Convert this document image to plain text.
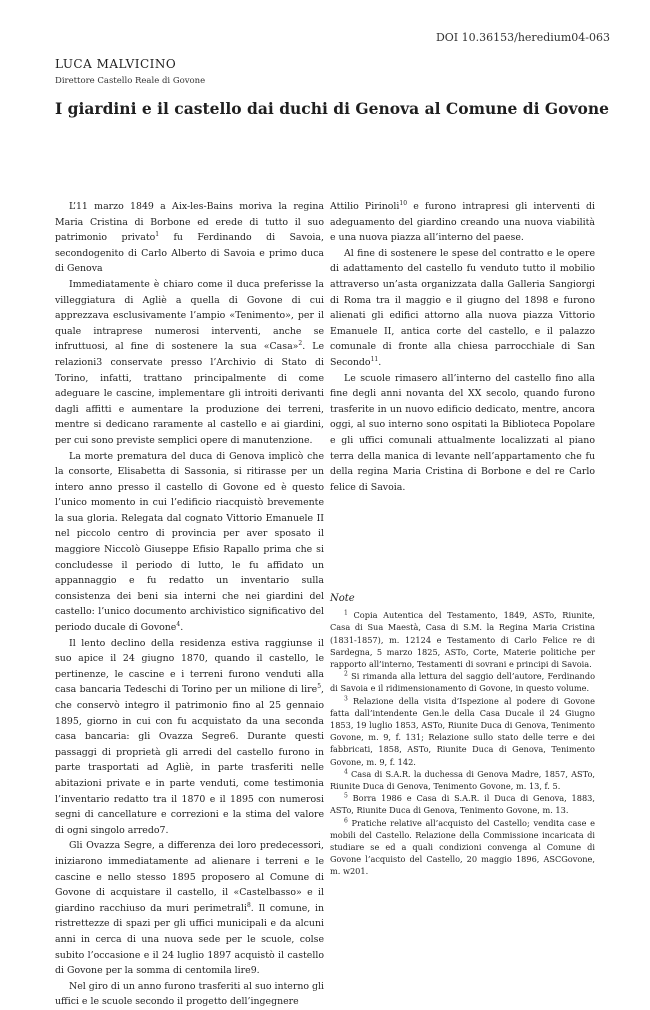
DOI 10.36153/heredium04-063
LUCA MALVICINO
Direttore Castello Reale di Govone
I giardini e il castello dai duchi di Genova al Comune di Govone

L’11 marzo 1849 a Aix-les-Bains moriva la regina Maria Cristina di Borbone ed erede di tutto il suo patrimonio privato$^1$ fu Ferdinando di Savoia, secondogenito di Carlo Alberto di Savoia e primo duca di Genova

Immediatamente è chiaro come il duca preferisse la villeggiatura di Agliè a quella di Govone di cui apprezzava esclusivamente l’ampio «Tenimento», per il quale intraprese numerosi interventi, anche se infruttuosi, al fine di sostenere la sua «Casa»$^2$. Le relazioni3 conservate presso l’Archivio di Stato di Torino, infatti, trattano principalmente di come adeguare le cascine, implementare gli introiti derivanti dagli affitti e aumentare la produzione dei terreni, mentre si dedicano raramente al castello e ai giardini, per cui sono previste semplici opere di manutenzione.

La morte prematura del duca di Genova implicò che la consorte, Elisabetta di Sassonia, si ritirasse per un intero anno presso il castello di Govone ed è questo l’unico momento in cui l’edificio riacquistò brevemente la sua gloria. Relegata dal cognato Vittorio Emanuele II nel piccolo centro di provincia per aver sposato il maggiore Niccolò Giuseppe Efisio Rapallo prima che si concludesse il periodo di lutto, le fu affidato un appannaggio e fu redatto un inventario sulla consistenza dei beni sia interni che nei giardini del castello: l’unico documento archivistico significativo del periodo ducale di Govone$^4$.

Il lento declino della residenza estiva raggiunse il suo apice il 24 giugno 1870, quando il castello, le pertinenze, le cascine e i terreni furono venduti alla casa bancaria Tedeschi di Torino per un milione di lire$^5$, che conservò integro il patrimonio fino al 25 gennaio 1895, giorno in cui con fu acquistato da una seconda casa bancaria: gli Ovazza Segre6. Durante questi passaggi di proprietà gli arredi del castello furono in parte trasportati ad Agliè, in parte trasferiti nelle abitazioni private e in parte venduti, come testimonia l’inventario redatto tra il 1870 e il 1895 con numerosi segni di cancellature e correzioni e la stima del valore di ogni singolo arredo7.

Gli Ovazza Segre, a differenza dei loro predecessori, iniziarono immediatamente ad alienare i terreni e le cascine e nello stesso 1895 proposero al Comune di Govone di acquistare il castello, il «Castelbasso» e il giardino racchiuso da muri perimetrali$^8$. Il comune, in ristrettezze di spazi per gli uffici municipali e da alcuni anni in cerca di una nuova sede per le scuole, colse subito l’occasione e il 24 luglio 1897 acquistò il castello di Govone per la somma di centomila lire9.

Nel giro di un anno furono trasferiti al suo interno gli uffici e le scuole secondo il progetto dell’ingegnere

Attilio Pirinoli$^{10}$ e furono intrapresi gli interventi di adeguamento del giardino creando una nuova viabilità e una nuova piazza all’interno del paese.

Al fine di sostenere le spese del contratto e le opere di adattamento del castello fu venduto tutto il mobilio attraverso un’asta organizzata dalla Galleria Sangiorgi di Roma tra il maggio e il giugno del 1898 e furono alienati gli edifici attorno alla nuova piazza Vittorio Emanuele II, antica corte del castello, e il palazzo comunale di fronte alla chiesa parrocchiale di San Secondo$^{11}$.

Le scuole rimasero all’interno del castello fino alla fine degli anni novanta del XX secolo, quando furono trasferite in un nuovo edificio dedicato, mentre, ancora oggi, al suo interno sono ospitati la Biblioteca Popolare e gli uffici comunali attualmente localizzati al piano terra della manica di levante nell’appartamento che fu della regina Maria Cristina di Borbone e del re Carlo felice di Savoia.

Note

$^1$ Copia Autentica del Testamento, 1849, ASTo, Riunite, Casa di Sua Maestà, Casa di S.M. la Regina Maria Cristina (1831-1857), m. 12124 e Testamento di Carlo Felice re di Sardegna, 5 marzo 1825, ASTo, Corte, Materie politiche per rapporto all’interno, Testamenti di sovrani e principi di Savoia.

$^2$ Si rimanda alla lettura del saggio dell’autore, Ferdinando di Savoia e il ridimensionamento di Govone, in questo volume.

$^3$ Relazione della visita d’Ispezione al podere di Govone fatta dall’intendente Gen.le della Casa Ducale il 24 Giugno 1853, 19 luglio 1853, ASTo, Riunite Duca di Genova, Tenimento Govone, m. 9, f. 131; Relazione sullo stato delle terre e dei fabbricati, 1858, ASTo, Riunite Duca di Genova, Tenimento Govone, m. 9, f. 142.

$^4$ Casa di S.A.R. la duchessa di Genova Madre, 1857, ASTo, Riunite Duca di Genova, Tenimento Govone, m. 13, f. 5.

$^5$ Borra 1986 e Casa di S.A.R. il Duca di Genova, 1883, ASTo, Riunite Duca di Genova, Tenimento Govone, m. 13.

$^6$ Pratiche relative all’acquisto del Castello; vendita case e mobili del Castello. Relazione della Commissione incaricata di studiare se ed a quali condizioni convenga al Comune di Govone l’acquisto del Castello, 20 maggio 1896, ASCGovone, m. w201.
